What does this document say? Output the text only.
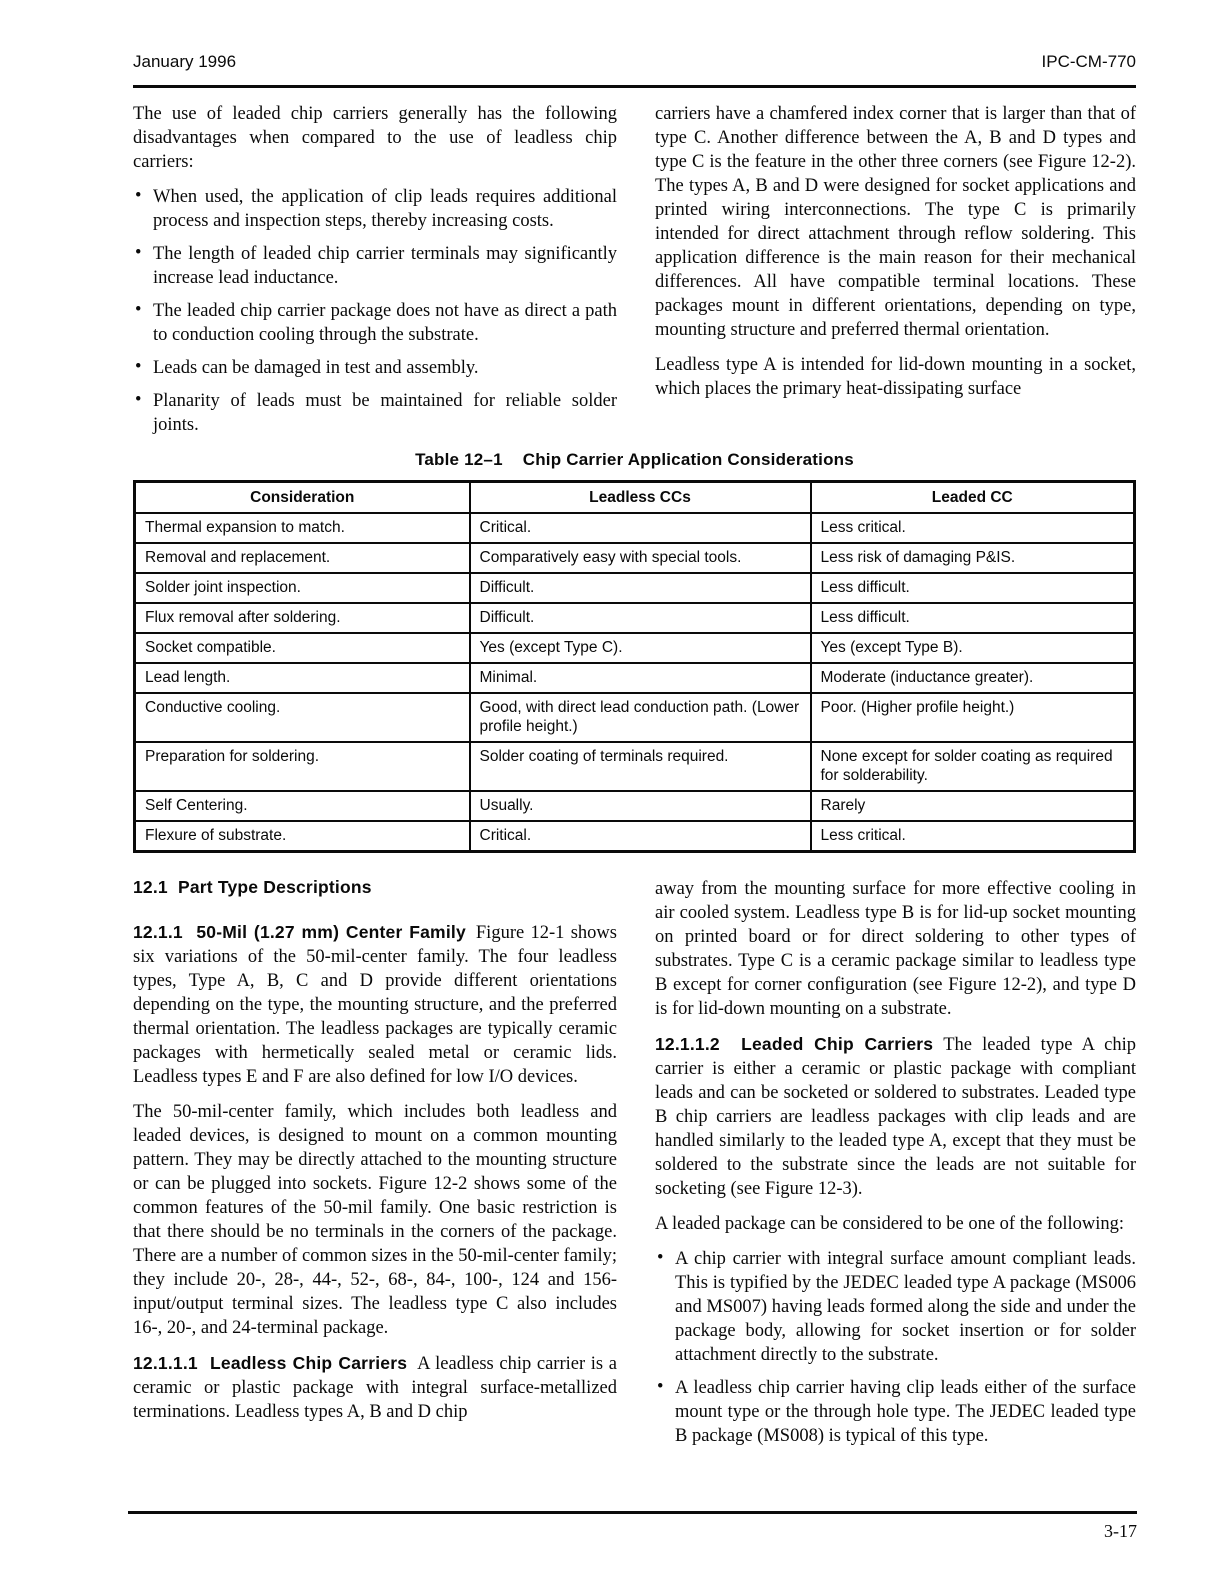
January 1996	IPC-CM-770

The use of leaded chip carriers generally has the following disadvantages when compared to the use of leadless chip carriers:

• When used, the application of clip leads requires additional process and inspection steps, thereby increasing costs.
• The length of leaded chip carrier terminals may significantly increase lead inductance.
• The leaded chip carrier package does not have as direct a path to conduction cooling through the substrate.
• Leads can be damaged in test and assembly.
• Planarity of leads must be maintained for reliable solder joints.

carriers have a chamfered index corner that is larger than that of type C. Another difference between the A, B and D types and type C is the feature in the other three corners (see Figure 12-2). The types A, B and D were designed for socket applications and printed wiring interconnections. The type C is primarily intended for direct attachment through reflow soldering. This application difference is the main reason for their mechanical differences. All have compatible terminal locations. These packages mount in different orientations, depending on type, mounting structure and preferred thermal orientation.

Leadless type A is intended for lid-down mounting in a socket, which places the primary heat-dissipating surface

Table 12–1 Chip Carrier Application Considerations
Consideration	Leadless CCs	Leaded CC
Thermal expansion to match.	Critical.	Less critical.
Removal and replacement.	Comparatively easy with special tools.	Less risk of damaging P&IS.
Solder joint inspection.	Difficult.	Less difficult.
Flux removal after soldering.	Difficult.	Less difficult.
Socket compatible.	Yes (except Type C).	Yes (except Type B).
Lead length.	Minimal.	Moderate (inductance greater).
Conductive cooling.	Good, with direct lead conduction path. (Lower profile height.)	Poor. (Higher profile height.)
Preparation for soldering.	Solder coating of terminals required.	None except for solder coating as required for solderability.
Self Centering.	Usually.	Rarely
Flexure of substrate.	Critical.	Less critical.
12.1  Part Type Descriptions

12.1.1  50-Mil (1.27 mm) Center Family Figure 12-1 shows six variations of the 50-mil-center family. The four leadless types, Type A, B, C and D provide different orientations depending on the type, the mounting structure, and the preferred thermal orientation. The leadless packages are typically ceramic packages with hermetically sealed metal or ceramic lids. Leadless types E and F are also defined for low I/O devices.

The 50-mil-center family, which includes both leadless and leaded devices, is designed to mount on a common mounting pattern. They may be directly attached to the mounting structure or can be plugged into sockets. Figure 12-2 shows some of the common features of the 50-mil family. One basic restriction is that there should be no terminals in the corners of the package. There are a number of common sizes in the 50-mil-center family; they include 20-, 28-, 44-, 52-, 68-, 84-, 100-, 124 and 156-input/output terminal sizes. The leadless type C also includes 16-, 20-, and 24-terminal package.

12.1.1.1  Leadless Chip Carriers A leadless chip carrier is a ceramic or plastic package with integral surface-metallized terminations. Leadless types A, B and D chip

away from the mounting surface for more effective cooling in air cooled system. Leadless type B is for lid-up socket mounting on printed board or for direct soldering to other types of substrates. Type C is a ceramic package similar to leadless type B except for corner configuration (see Figure 12-2), and type D is for lid-down mounting on a substrate.

12.1.1.2  Leaded Chip Carriers The leaded type A chip carrier is either a ceramic or plastic package with compliant leads and can be socketed or soldered to substrates. Leaded type B chip carriers are leadless packages with clip leads and are handled similarly to the leaded type A, except that they must be soldered to the substrate since the leads are not suitable for socketing (see Figure 12-3).

A leaded package can be considered to be one of the following:

• A chip carrier with integral surface amount compliant leads. This is typified by the JEDEC leaded type A package (MS006 and MS007) having leads formed along the side and under the package body, allowing for socket insertion or for solder attachment directly to the substrate.
• A leadless chip carrier having clip leads either of the surface mount type or the through hole type. The JEDEC leaded type B package (MS008) is typical of this type.
3-17
